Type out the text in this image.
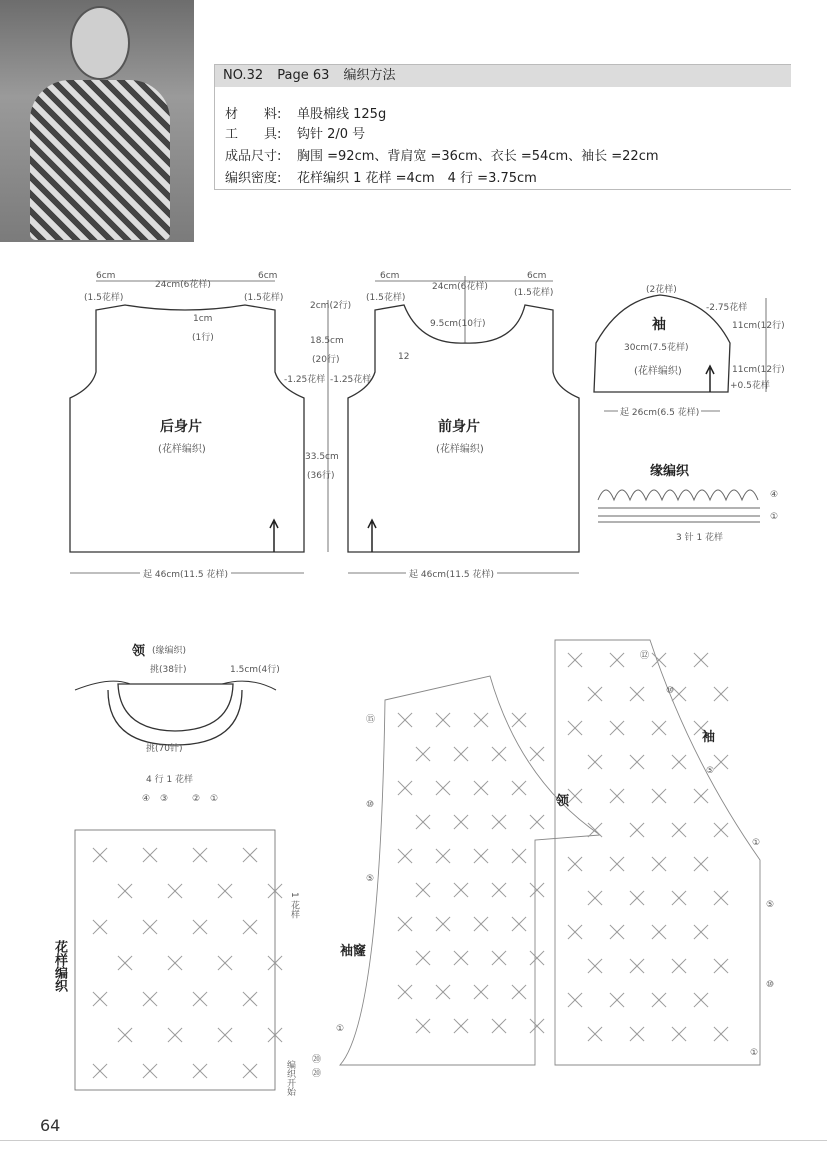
NO.32 Page 63 编织方法
材　　料: 单股棉线 125g
工　　具: 钩针 2/0 号
成品尺寸: 胸围 =92cm、背肩宽 =36cm、衣长 =54cm、袖长 =22cm
编织密度: 花样编织 1 花样 =4cm　4 行 =3.75cm
6cm
(1.5花样)
24cm(6花样)
6cm
(1.5花样)
1cm
(1行)
2cm(2行)
18.5cm
(20行)
-1.25花样
33.5cm
(36行)
起 46cm(11.5 花样)
后身片
(花样编织)
6cm
(1.5花样)
24cm(6花样)
6cm
(1.5花样)
9.5cm(10行)
12
-1.25花样
起 46cm(11.5 花样)
前身片
(花样编织)
(2花样)
袖
-2.75花样
11cm(12行)
30cm(7.5花样)
(花样编织)	11cm(12行)
+0.5花样
起 26cm(6.5 花样)
缘编织
④
①
3 针 1 花样
领 (缘编织)
挑(38针)	1.5cm(4行)
挑(70针)
4 行 1 花样
④ ③	② ①
花样编织
1 花样
编织开始
袖窿
领
⑮
⑩
⑤
①
⑳
⑳
袖
⑫
⑩
⑤
①
⑤
⑩
①
64
